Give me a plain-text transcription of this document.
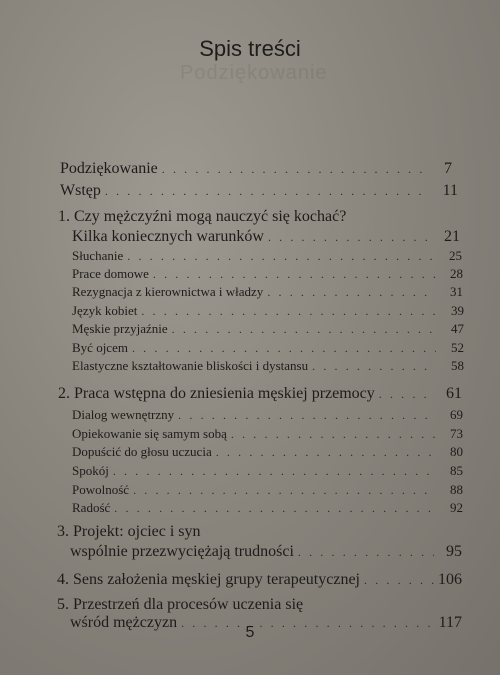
Podziękowanie
Spis treści
Podziękowanie . . .	7
Wstęp . . .	11
1. Czy mężczyźni mogą nauczyć się kochać?
Kilka koniecznych warunków . . .	21
Słuchanie . . .	25
Prace domowe . . .	28
Rezygnacja z kierownictwa i władzy . . .	31
Język kobiet . . .	39
Męskie przyjaźnie . . .	47
Być ojcem . . .	52
Elastyczne kształtowanie bliskości i dystansu . . .	58
2. Praca wstępna do zniesienia męskiej przemocy . . .	61
Dialog wewnętrzny . . .	69
Opiekowanie się samym sobą . . .	73
Dopuścić do głosu uczucia . . .	80
Spokój . . .	85
Powolność . . .	88
Radość . . .	92
3. Projekt: ojciec i syn
wspólnie przezwyciężają trudności . . .	95
4. Sens założenia męskiej grupy terapeutycznej . . .	106
5. Przestrzeń dla procesów uczenia się
wśród mężczyzn . . .	117
5
